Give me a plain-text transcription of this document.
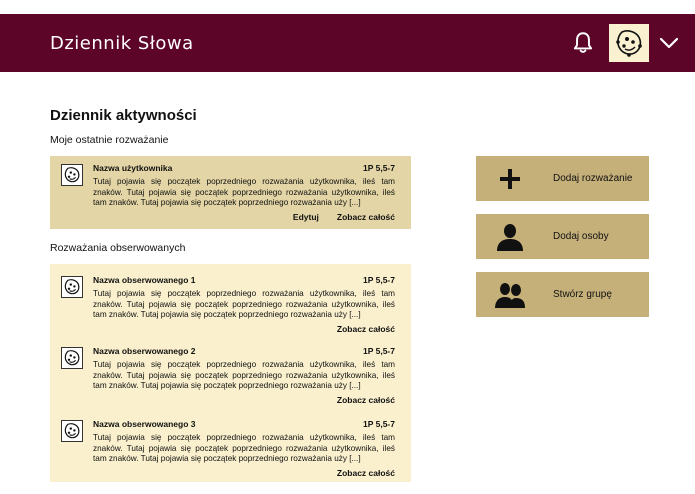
Dziennik Słowa
Dziennik aktywności
Moje ostatnie rozważanie
Nazwa użytkownika	1P 5,5-7
Tutaj pojawia się początek poprzedniego rozważania użytkownika, ileś tam znaków. Tutaj pojawia się początek poprzedniego rozważania użytkownika, ileś tam znaków. Tutaj pojawia się początek poprzedniego rozważania uży [...]
Edytuj Zobacz całość
Rozważania obserwowanych
Nazwa obserwowanego 1	1P 5,5-7
Tutaj pojawia się początek poprzedniego rozważania użytkownika, ileś tam znaków. Tutaj pojawia się początek poprzedniego rozważania użytkownika, ileś tam znaków. Tutaj pojawia się początek poprzedniego rozważania uży [...]
Zobacz całość
Nazwa obserwowanego 2	1P 5,5-7
Tutaj pojawia się początek poprzedniego rozważania użytkownika, ileś tam znaków. Tutaj pojawia się początek poprzedniego rozważania użytkownika, ileś tam znaków. Tutaj pojawia się początek poprzedniego rozważania uży [...]
Zobacz całość
Nazwa obserwowanego 3	1P 5,5-7
Tutaj pojawia się początek poprzedniego rozważania użytkownika, ileś tam znaków. Tutaj pojawia się początek poprzedniego rozważania użytkownika, ileś tam znaków. Tutaj pojawia się początek poprzedniego rozważania uży [...]
Zobacz całość
Dodaj rozważanie
Dodaj osoby
Stwórz grupę
